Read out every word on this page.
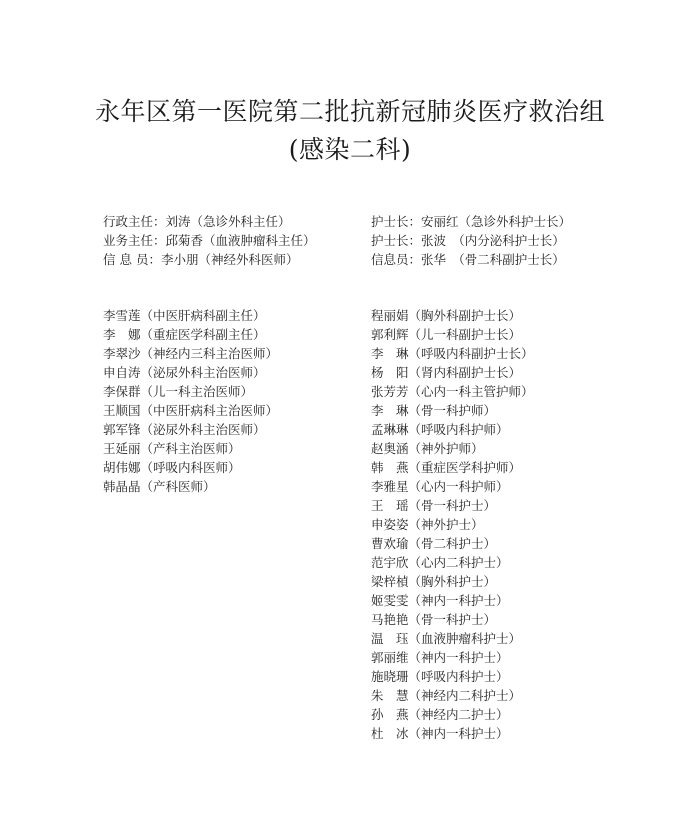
永年区第一医院第二批抗新冠肺炎医疗救治组
(感染二科)
行政主任：刘涛（急诊外科主任）
业务主任：邱菊香（血液肿瘤科主任）
信 息 员：李小朋（神经外科医师）
护士长：安丽红（急诊外科护士长）
护士长：张波　（内分泌科护士长）
信息员：张华　（骨二科副护士长）
李雪莲（中医肝病科副主任）
李　娜（重症医学科副主任）
李翠沙（神经内三科主治医师）
申自涛（泌尿外科主治医师）
李保群（儿一科主治医师）
王顺国（中医肝病科主治医师）
郭军锋（泌尿外科主治医师）
王延丽（产科主治医师）
胡伟娜（呼吸内科医师）
韩晶晶（产科医师）
程丽娟（胸外科副护士长）
郭利辉（儿一科副护士长）
李　琳（呼吸内科副护士长）
杨　阳（肾内科副护士长）
张芳芳（心内一科主管护师）
李　琳（骨一科护师）
孟琳琳（呼吸内科护师）
赵奥涵（神外护师）
韩　燕（重症医学科护师）
李雅星（心内一科护师）
王　瑶（骨一科护士）
申姿姿（神外护士）
曹欢瑜（骨二科护士）
范宇欣（心内二科护士）
梁梓楨（胸外科护士）
姬雯雯（神内一科护士）
马艳艳（骨一科护士）
温　珏（血液肿瘤科护士）
郭丽维（神内一科护士）
施晓珊（呼吸内科护士）
朱　慧（神经内二科护士）
孙　燕（神经内二护士）
杜　冰（神内一科护士）
